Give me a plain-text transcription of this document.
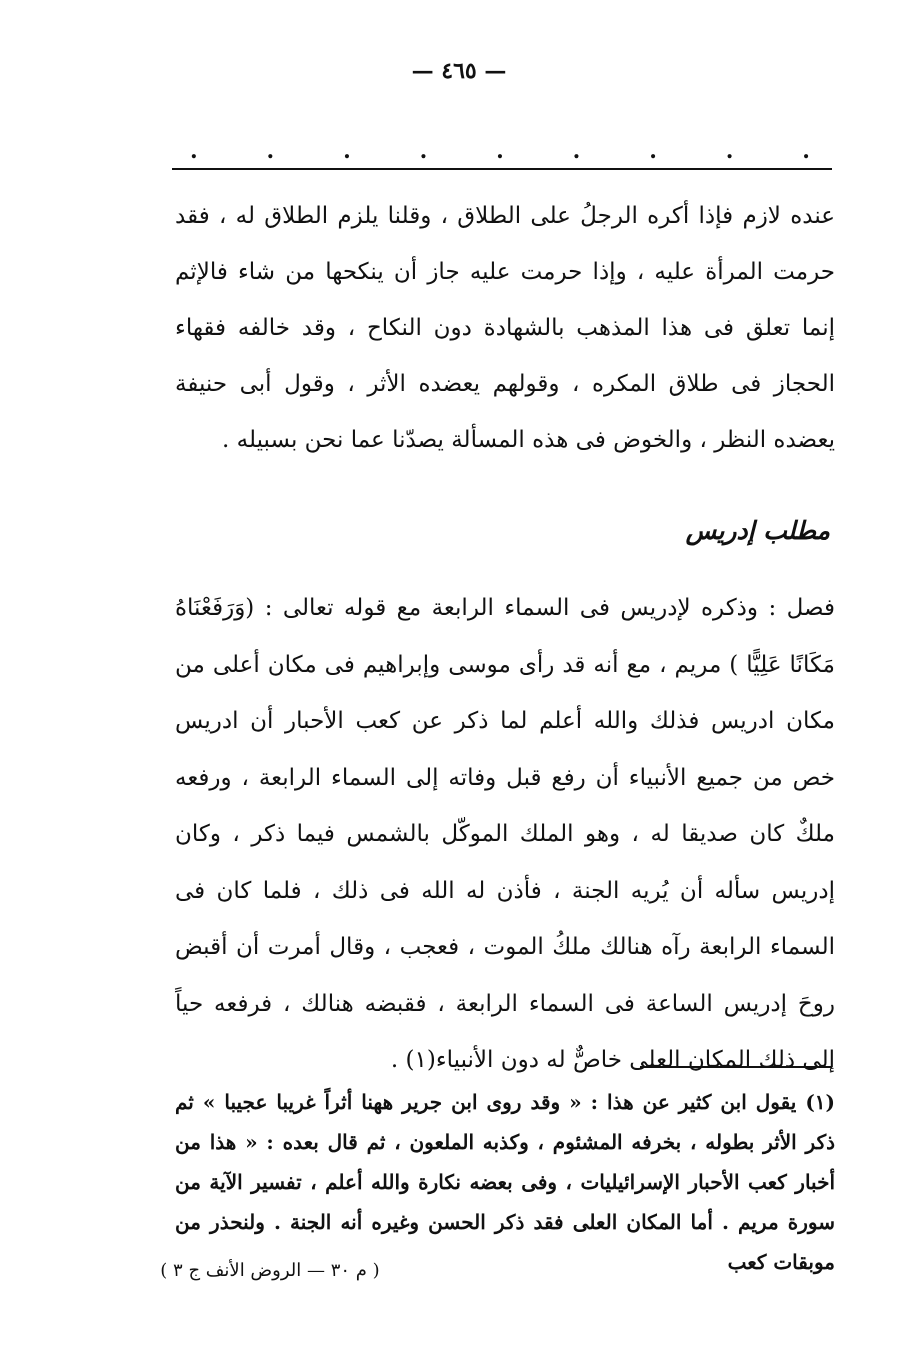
— ٤٦٥ —
.	.	.	.	.	.	.	.	.

عنده لازم فإذا أكره الرجلُ على الطلاق ، وقلنا يلزم الطلاق له ، فقد حرمت المرأة عليه ، وإذا حرمت عليه جاز أن ينكحها من شاء فالإثم إنما تعلق فى هذا المذهب بالشهادة دون النكاح ، وقد خالفه فقهاء الحجاز فى طلاق المكره ، وقولهم يعضده الأثر ، وقول أبى حنيفة يعضده النظر ، والخوض فى هذه المسألة يصدّنا عما نحن بسبيله .

مطلب إدريس

فصل : وذكره لإدريس فى السماء الرابعة مع قوله تعالى : (وَرَفَعْنَاهُ مَكَانًا عَلِيًّا ) مريم ، مع أنه قد رأى موسى وإبراهيم فى مكان أعلى من مكان ادريس فذلك والله أعلم لما ذكر عن كعب الأحبار أن ادريس خص من جميع الأنبياء أن رفع قبل وفاته إلى السماء الرابعة ، ورفعه ملكٌ كان صديقا له ، وهو الملك الموكّل بالشمس فيما ذكر ، وكان إدريس سأله أن يُريه الجنة ، فأذن له الله فى ذلك ، فلما كان فى السماء الرابعة رآه هنالك ملكُ الموت ، فعجب ، وقال أمرت أن أقبض روحَ إدريس الساعة فى السماء الرابعة ، فقبضه هنالك ، فرفعه حياً إلى ذلك المكان العلى خاصٌّ له دون الأنبياء(١) .

(١) يقول ابن كثير عن هذا : « وقد روى ابن جرير ههنا أثراً غريبا عجيبا » ثم ذكر الأثر بطوله ، بخرفه المشئوم ، وكذبه الملعون ، ثم قال بعده : « هذا من أخبار كعب الأحبار الإسرائيليات ، وفى بعضه نكارة والله أعلم ، تفسير الآية من سورة مريم . أما المكان العلى فقد ذكر الحسن وغيره أنه الجنة . ولنحذر من موبقات كعب

( م ٣٠ — الروض الأنف ج ٣ )
